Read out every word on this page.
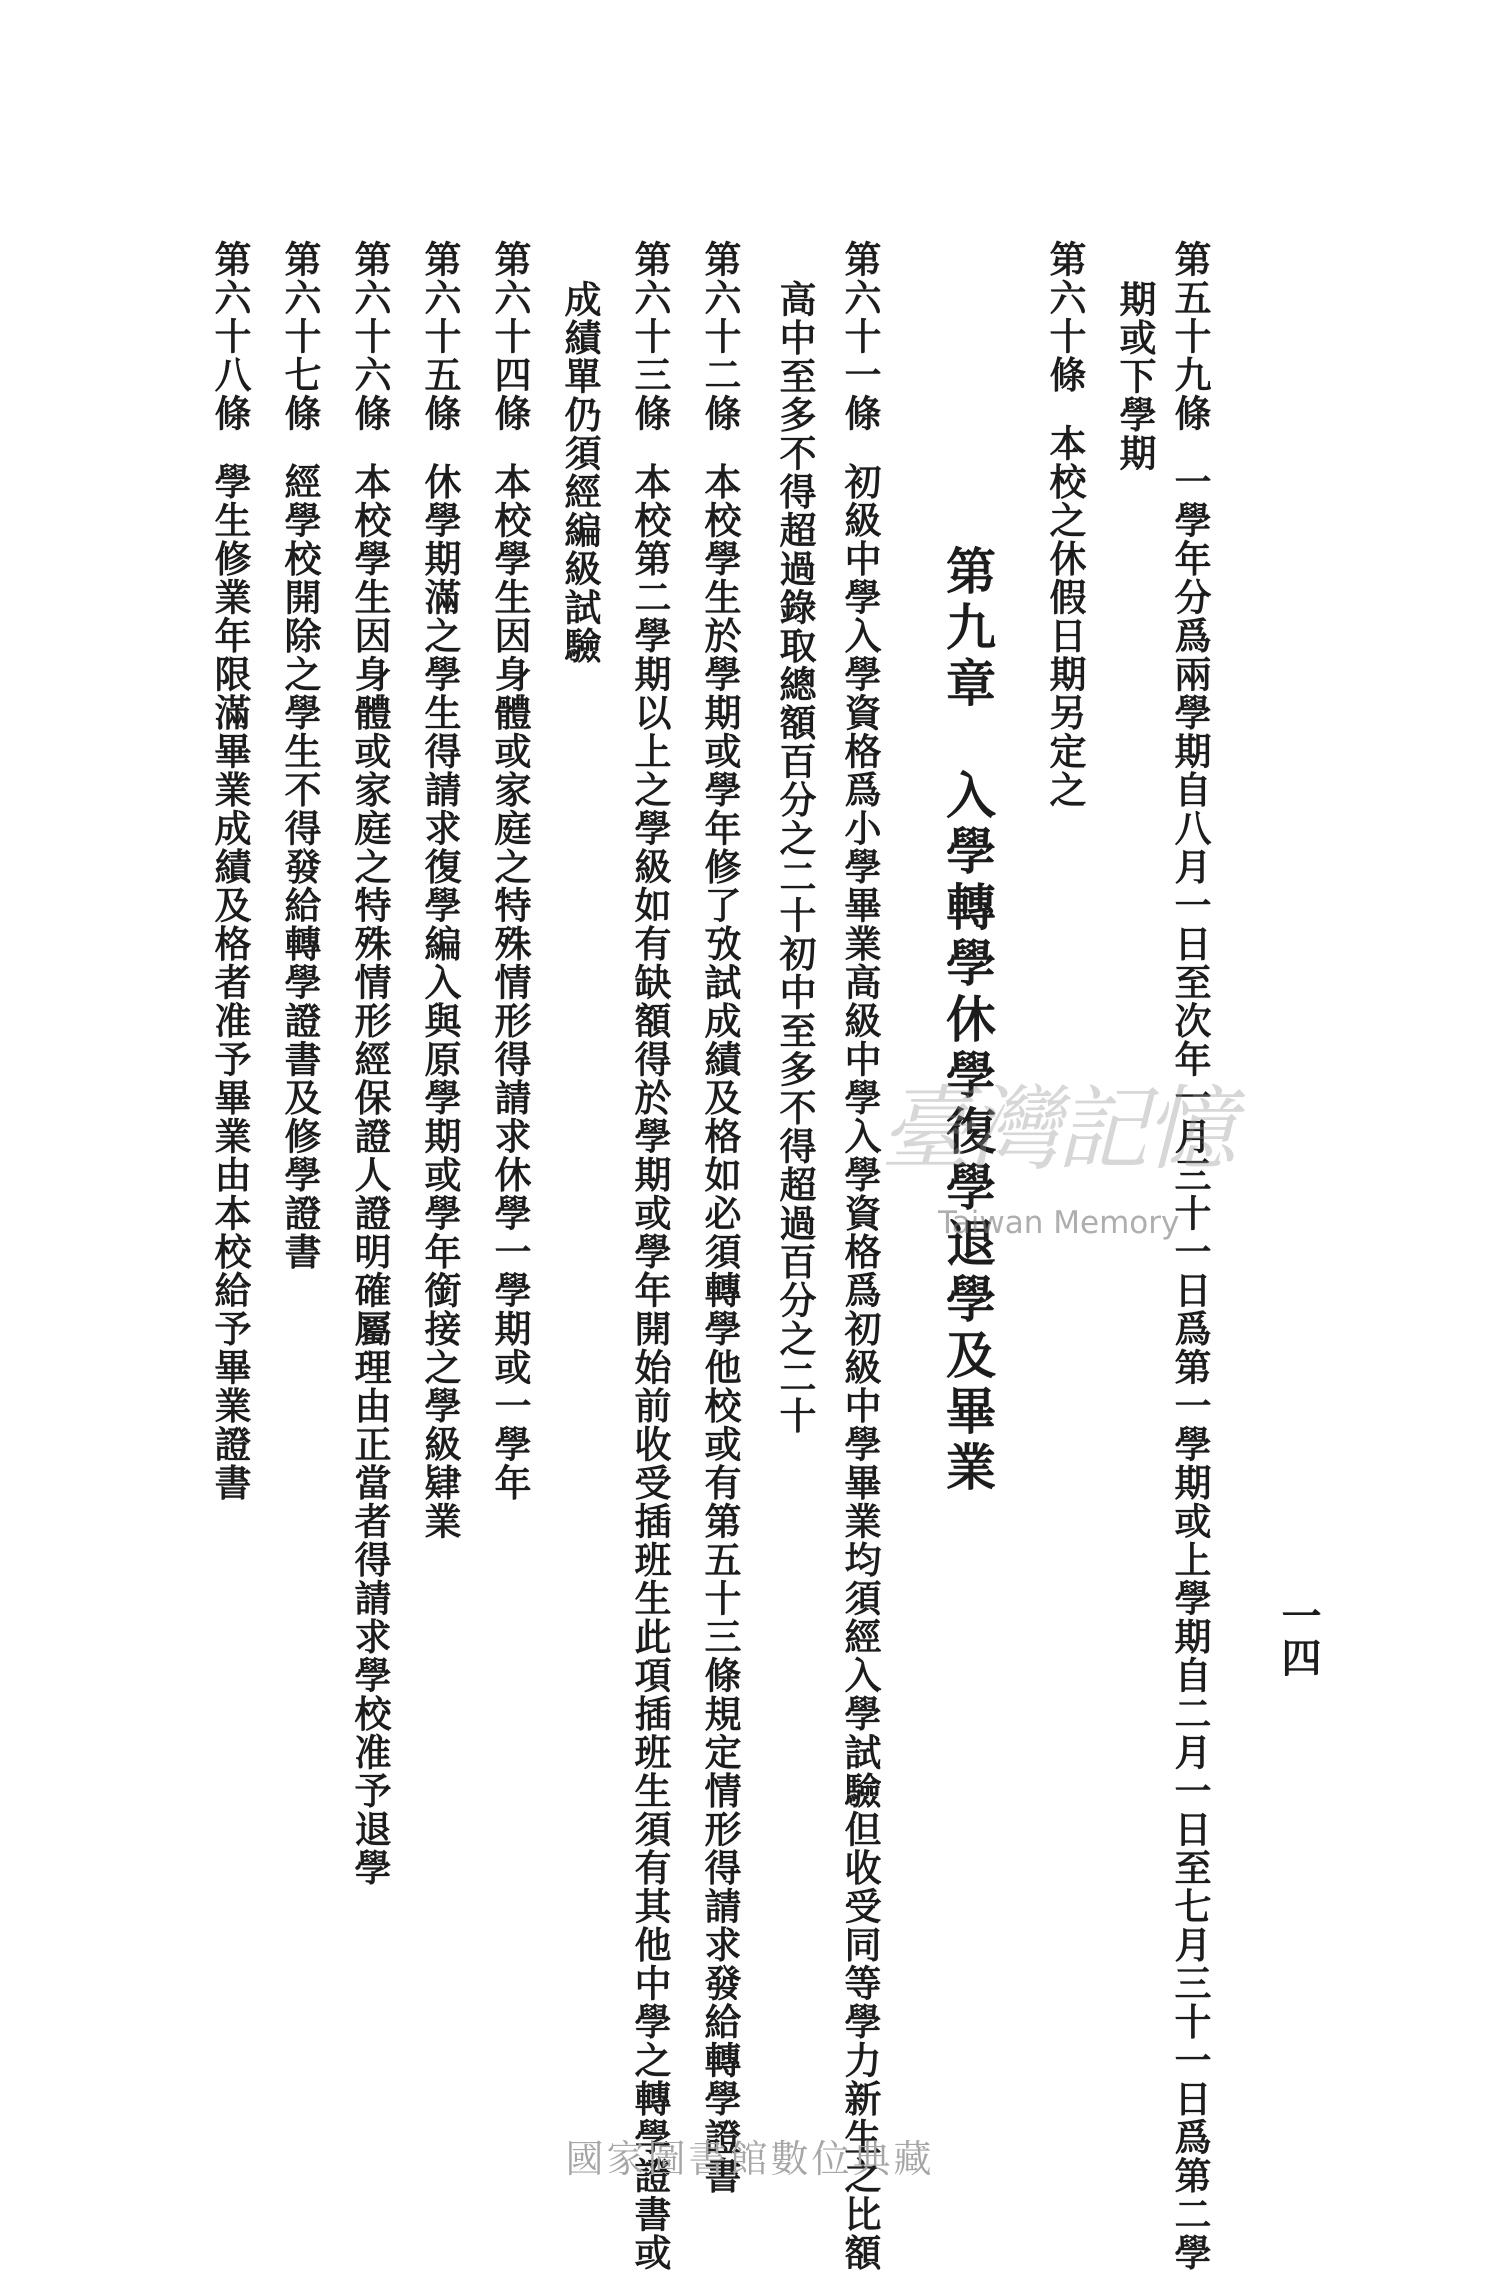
一四
第五十九條一學年分爲兩學期自八月一日至次年一月三十一日爲第一學期或上學期自二月一日至七月三十一日爲第二學
期或下學期
第六十條本校之休假日期另定之
第九章　入學轉學休學復學退學及畢業
第六十一條初級中學入學資格爲小學畢業高級中學入學資格爲初級中學畢業均須經入學試驗但收受同等學力新生之比額
高中至多不得超過錄取總額百分之二十初中至多不得超過百分之二十
第六十二條本校學生於學期或學年修了攷試成績及格如必須轉學他校或有第五十三條規定情形得請求發給轉學證書
第六十三條本校第二學期以上之學級如有缺額得於學期或學年開始前收受插班生此項插班生須有其他中學之轉學證書或
成績單仍須經編級試驗
第六十四條本校學生因身體或家庭之特殊情形得請求休學一學期或一學年
第六十五條休學期滿之學生得請求復學編入與原學期或學年銜接之學級肄業
第六十六條本校學生因身體或家庭之特殊情形經保證人證明確屬理由正當者得請求學校准予退學
第六十七條經學校開除之學生不得發給轉學證書及修學證書
第六十八條學生修業年限滿畢業成績及格者准予畢業由本校給予畢業證書	臺灣記憶
Taiwan Memory
國家圖書館數位典藏
